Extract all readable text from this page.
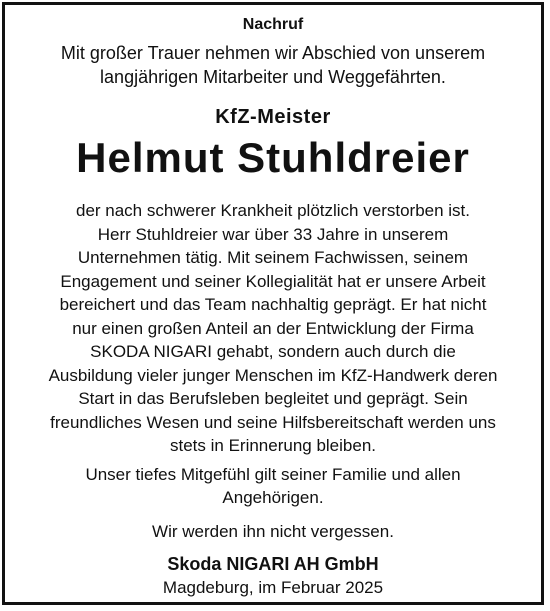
Nachruf
Mit großer Trauer nehmen wir Abschied von unserem
langjährigen Mitarbeiter und Weggefährten.
KfZ-Meister
Helmut Stuhldreier
der nach schwerer Krankheit plötzlich verstorben ist.
Herr Stuhldreier war über 33 Jahre in unserem
Unternehmen tätig. Mit seinem Fachwissen, seinem
Engagement und seiner Kollegialität hat er unsere Arbeit
bereichert und das Team nachhaltig geprägt. Er hat nicht
nur einen großen Anteil an der Entwicklung der Firma
SKODA NIGARI gehabt, sondern auch durch die
Ausbildung vieler junger Menschen im KfZ-Handwerk deren
Start in das Berufsleben begleitet und geprägt. Sein
freundliches Wesen und seine Hilfsbereitschaft werden uns
stets in Erinnerung bleiben.
Unser tiefes Mitgefühl gilt seiner Familie und allen
Angehörigen.
Wir werden ihn nicht vergessen.
Skoda NIGARI AH GmbH
Magdeburg, im Februar 2025
